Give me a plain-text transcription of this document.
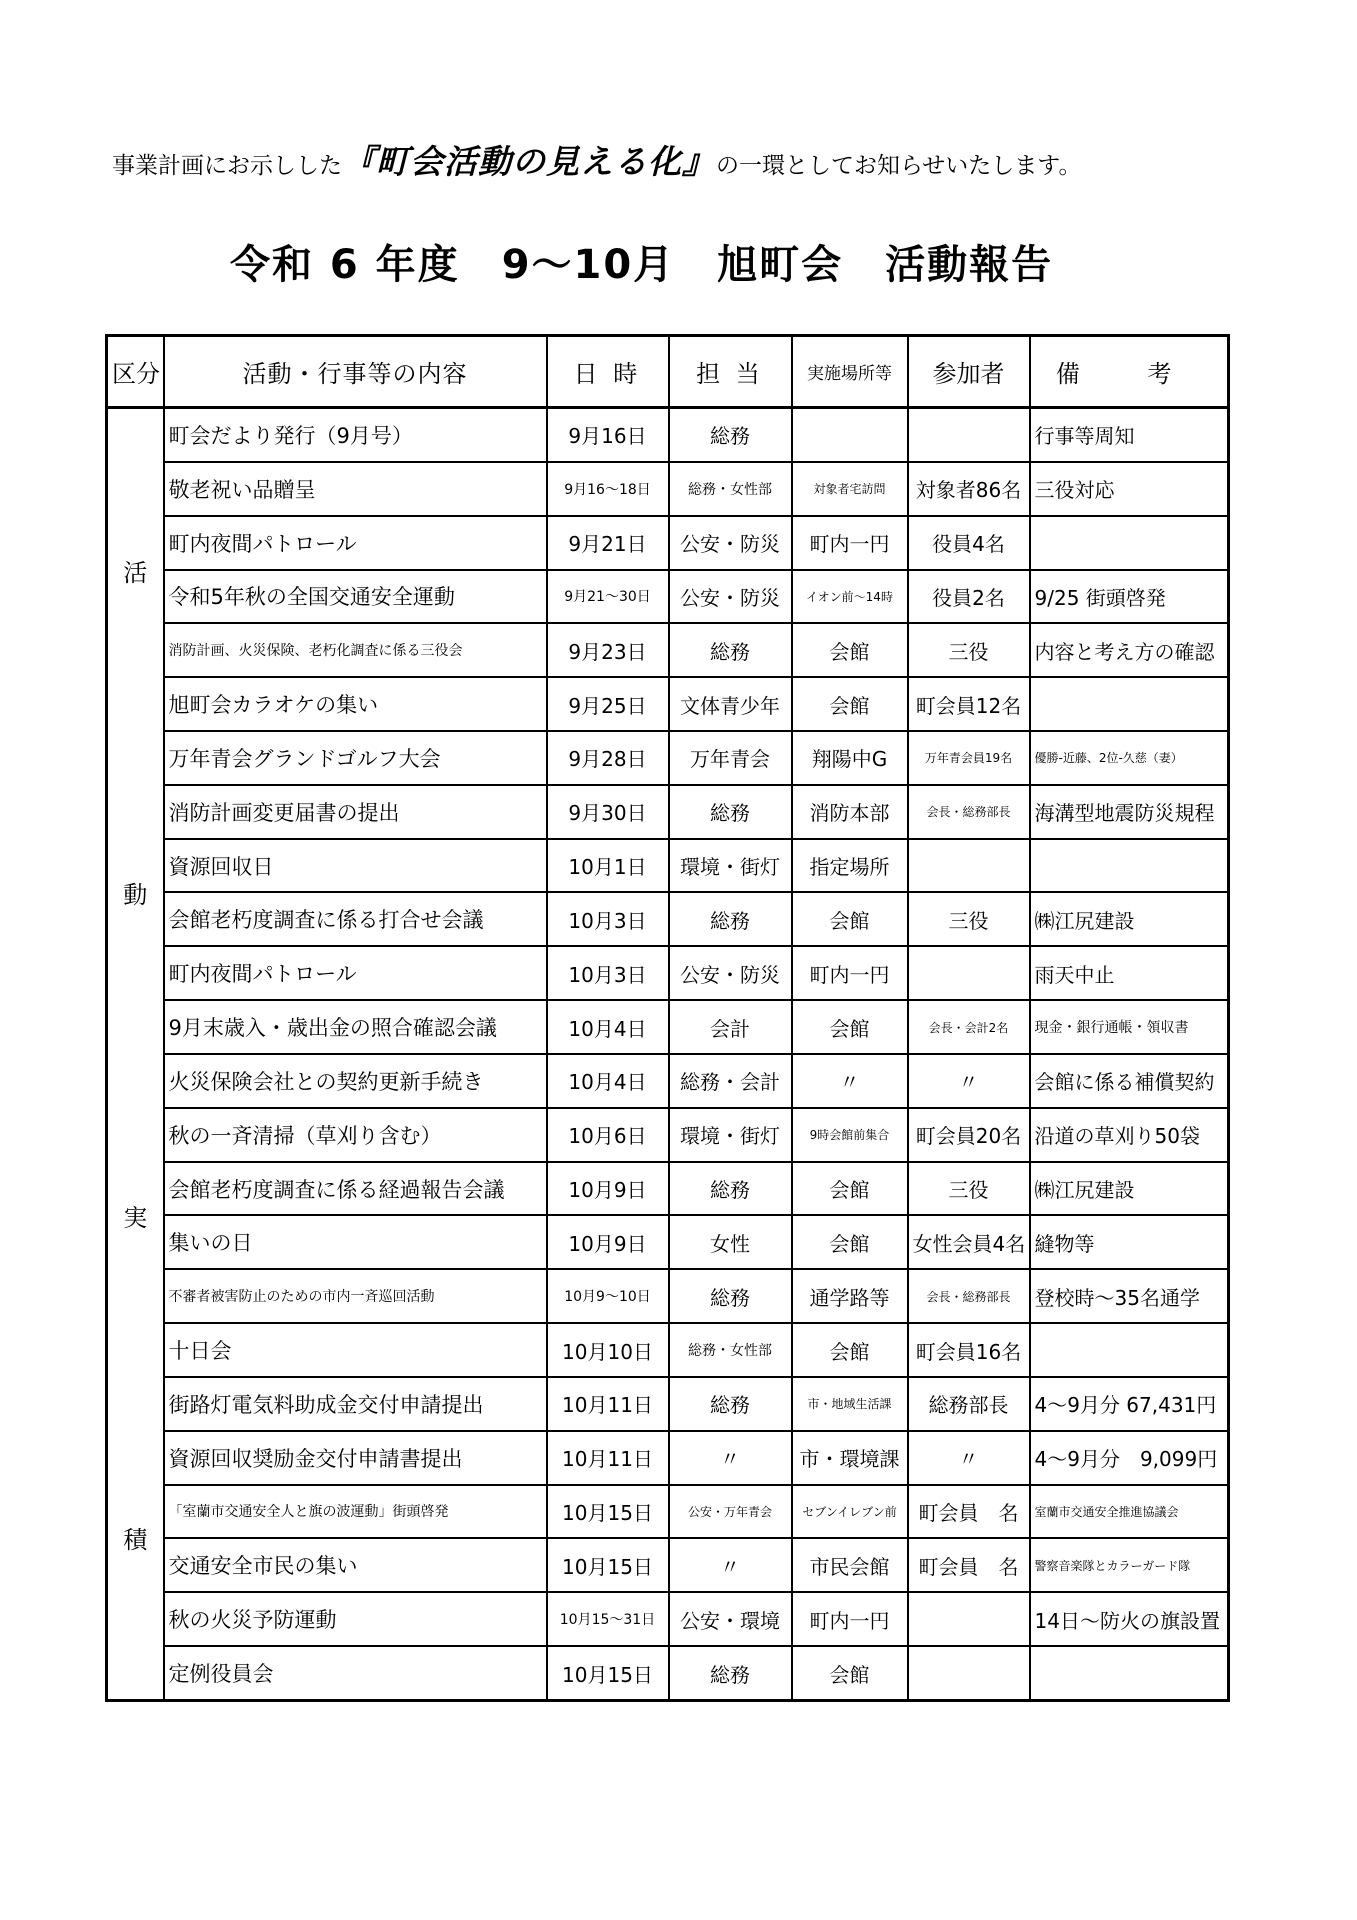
事業計画にお示しした『町会活動の見える化』の一環としてお知らせいたします。
令和 6 年度 9～10月 旭町会 活動報告
区分	活動・行事等の内容	日 時	担 当	実施場所等	参加者	備 考

活
動
実
積	町会だより発行（9月号）	9月16日	総務			行事等周知
	敬老祝い品贈呈	9月16～18日	総務・女性部	対象者宅訪問	対象者86名	三役対応
	町内夜間パトロール	9月21日	公安・防災	町内一円	役員4名	
	令和5年秋の全国交通安全運動	9月21～30日	公安・防災	イオン前～14時	役員2名	9/25 街頭啓発
	消防計画、火災保険、老朽化調査に係る三役会	9月23日	総務	会館	三役	内容と考え方の確認
	旭町会カラオケの集い	9月25日	文体青少年	会館	町会員12名	
	万年青会グランドゴルフ大会	9月28日	万年青会	翔陽中G	万年青会員19名	優勝-近藤、2位-久慈（妻）
	消防計画変更届書の提出	9月30日	総務	消防本部	会長・総務部長	海溝型地震防災規程
	資源回収日	10月1日	環境・街灯	指定場所		
	会館老朽度調査に係る打合せ会議	10月3日	総務	会館	三役	㈱江尻建設
	町内夜間パトロール	10月3日	公安・防災	町内一円		雨天中止
	9月末歳入・歳出金の照合確認会議	10月4日	会計	会館	会長・会計2名	現金・銀行通帳・領収書
	火災保険会社との契約更新手続き	10月4日	総務・会計	〃	〃	会館に係る補償契約
	秋の一斉清掃（草刈り含む）	10月6日	環境・街灯	9時会館前集合	町会員20名	沿道の草刈り50袋
	会館老朽度調査に係る経過報告会議	10月9日	総務	会館	三役	㈱江尻建設
	集いの日	10月9日	女性	会館	女性会員4名	縫物等
	不審者被害防止のための市内一斉巡回活動	10月9～10日	総務	通学路等	会長・総務部長	登校時～35名通学
	十日会	10月10日	総務・女性部	会館	町会員16名	
	街路灯電気料助成金交付申請提出	10月11日	総務	市・地域生活課	総務部長	4～9月分 67,431円
	資源回収奨励金交付申請書提出	10月11日	〃	市・環境課	〃	4～9月分　9,099円
	「室蘭市交通安全人と旗の波運動」街頭啓発	10月15日	公安・万年青会	セブンイレブン前	町会員　名	室蘭市交通安全推進協議会
	交通安全市民の集い	10月15日	〃	市民会館	町会員　名	警察音楽隊とカラーガード隊
	秋の火災予防運動	10月15～31日	公安・環境	町内一円		14日～防火の旗設置
	定例役員会	10月15日	総務	会館		
